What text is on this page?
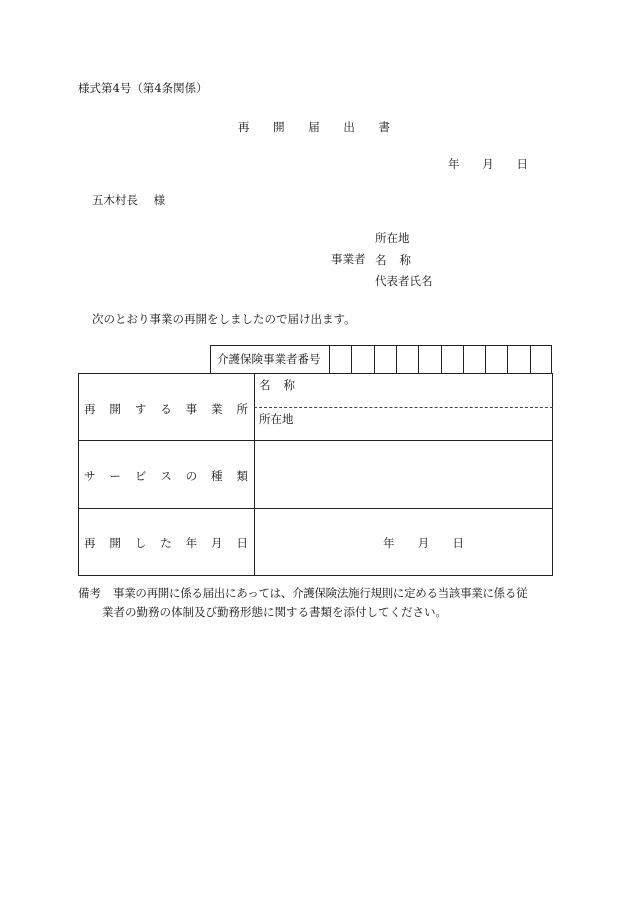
様式第4号（第4条関係）
再 開 届 出 書
年 月 日
五木村長 様
所在地
事業者 名 称
代表者氏名
次のとおり事業の再開をしましたので届け出ます。
介護保険事業者番号
再 開 す る 事 業 所
名 称
所在地
サ ー ビ ス の 種 類
再 開 し た 年 月 日	年 月 日
備考 事業の再開に係る届出にあっては、介護保険法施行規則に定める当該事業に係る従
業者の勤務の体制及び勤務形態に関する書類を添付してください。
